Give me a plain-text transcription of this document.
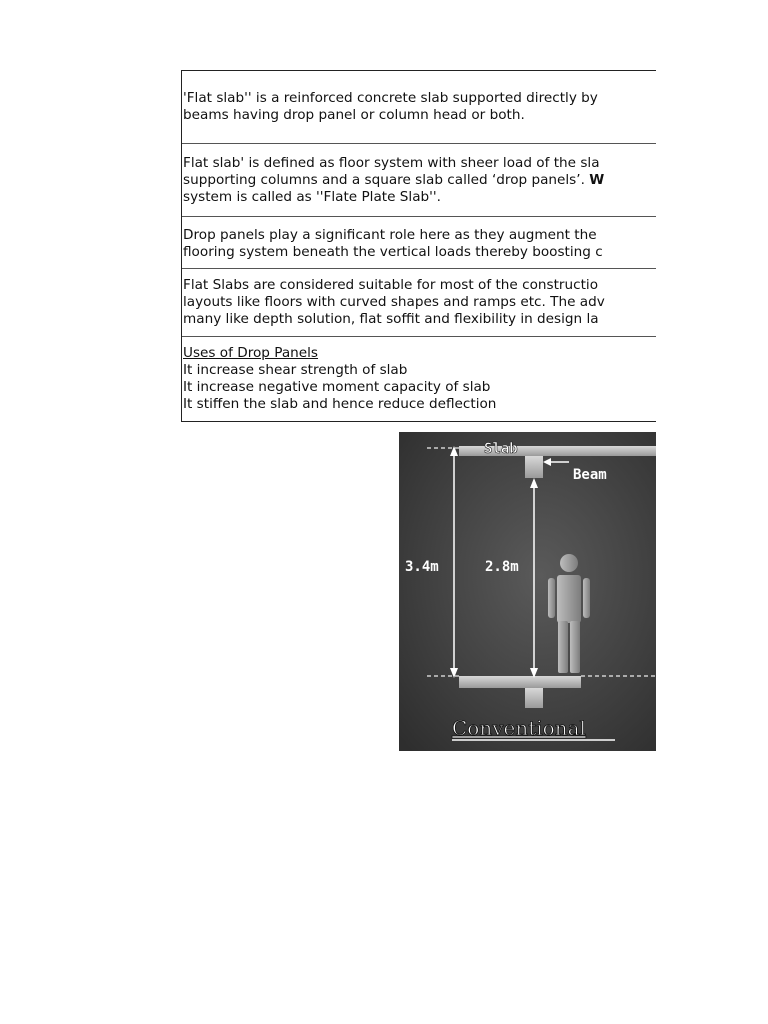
'Flat slab'' is a reinforced concrete slab supported directly by
beams having drop panel or column head or both.
Flat slab' is defined as floor system with sheer load of the sla
supporting columns and a square slab called ‘drop panels’. W
system is called as ''Flate Plate Slab''.
Drop panels play a significant role here as they augment the
flooring system beneath the vertical loads thereby boosting c
Flat Slabs are considered suitable for most of the constructio
layouts like floors with curved shapes and ramps etc. The adv
many like depth solution, flat soffit and flexibility in design la
Uses of Drop Panels
It increase shear strength of slab
It increase negative moment capacity of slab
It stiffen the slab and hence reduce deflection
Slab
Beam
3.4m	2.8m
Conventional
